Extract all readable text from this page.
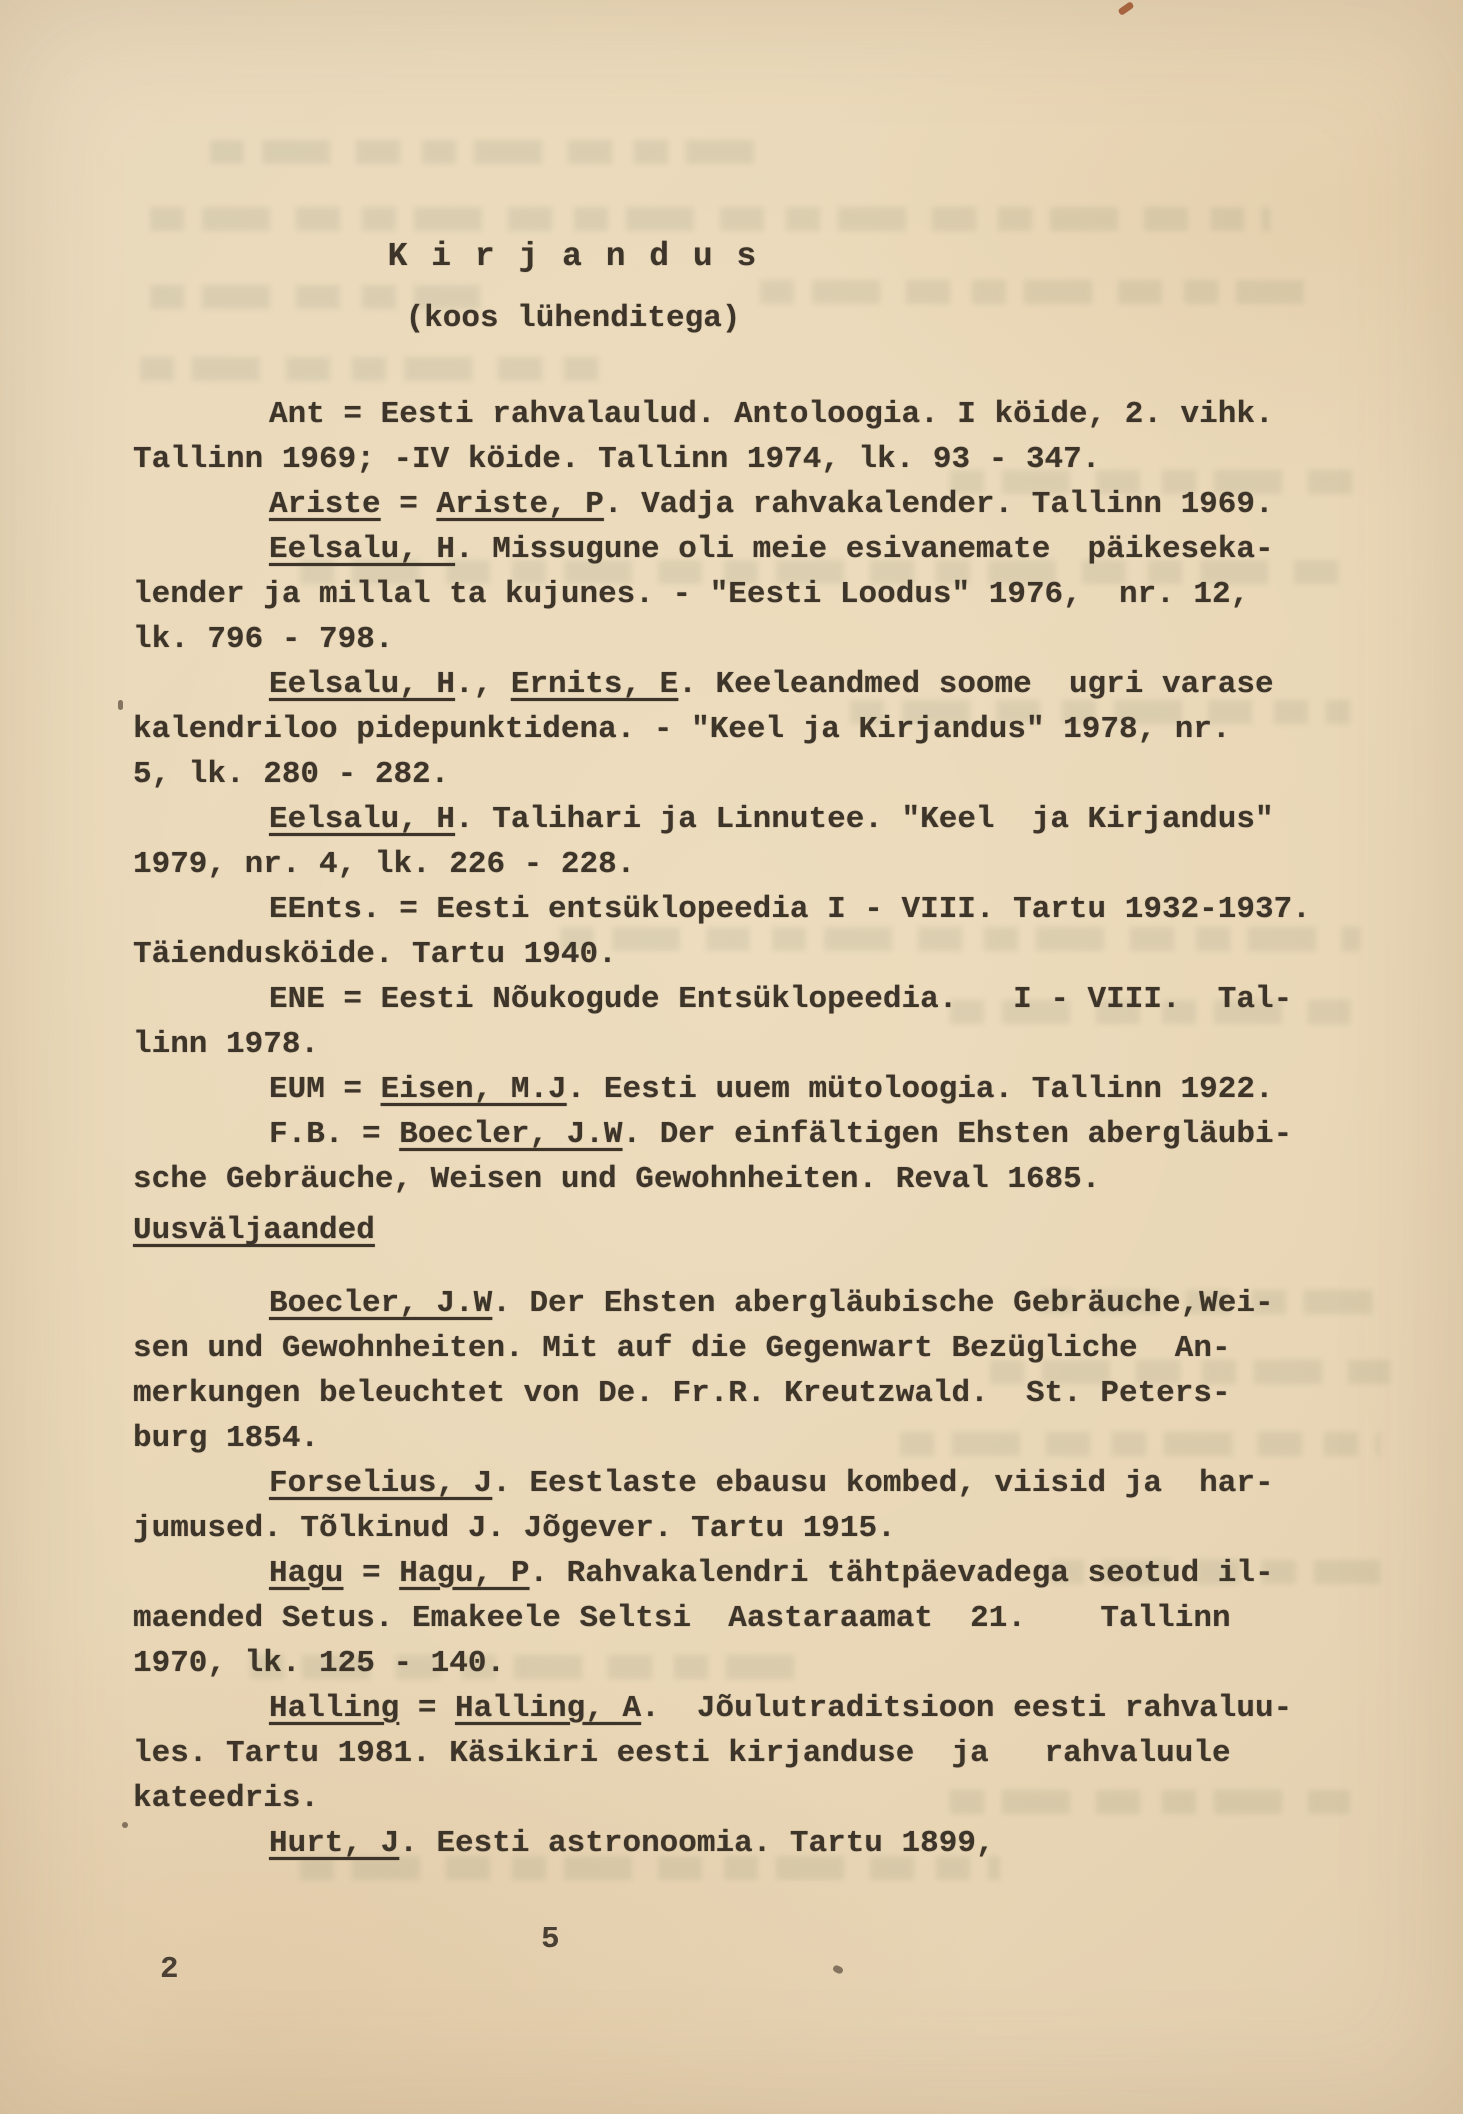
K i r j a n d u s
(koos lühenditega)
Ant = Eesti rahvalaulud. Antoloogia. I köide, 2. vihk.
Tallinn 1969; -IV köide. Tallinn 1974, lk. 93 - 347.
Ariste = Ariste, P. Vadja rahvakalender. Tallinn 1969.
Eelsalu, H. Missugune oli meie esivanemate  päikeseka-
lender ja millal ta kujunes. - "Eesti Loodus" 1976,  nr. 12,
lk. 796 - 798.
Eelsalu, H., Ernits, E. Keeleandmed soome  ugri varase
kalendriloo pidepunktidena. - "Keel ja Kirjandus" 1978, nr.
5, lk. 280 - 282.
Eelsalu, H. Talihari ja Linnutee. "Keel  ja Kirjandus"
1979, nr. 4, lk. 226 - 228.
EEnts. = Eesti entsüklopeedia I - VIII. Tartu 1932-1937.
Täiendusköide. Tartu 1940.
ENE = Eesti Nõukogude Entsüklopeedia.   I - VIII.  Tal-
linn 1978.
EUM = Eisen, M.J. Eesti uuem mütoloogia. Tallinn 1922.
F.B. = Boecler, J.W. Der einfältigen Ehsten abergläubi-
sche Gebräuche, Weisen und Gewohnheiten. Reval 1685.
Uusväljaanded
Boecler, J.W. Der Ehsten abergläubische Gebräuche,Wei-
sen und Gewohnheiten. Mit auf die Gegenwart Bezügliche  An-
merkungen beleuchtet von De. Fr.R. Kreutzwald.  St. Peters-
burg 1854.
Forselius, J. Eestlaste ebausu kombed, viisid ja  har-
jumused. Tõlkinud J. Jõgever. Tartu 1915.
Hagu = Hagu, P. Rahvakalendri tähtpäevadega seotud il-
maended Setus. Emakeele Seltsi  Aastaraamat  21.    Tallinn
1970, lk. 125 - 140.
Halling = Halling, A.  Jõulutraditsioon eesti rahvaluu-
les. Tartu 1981. Käsikiri eesti kirjanduse  ja   rahvaluule
kateedris.
Hurt, J. Eesti astronoomia. Tartu 1899,
2
5
